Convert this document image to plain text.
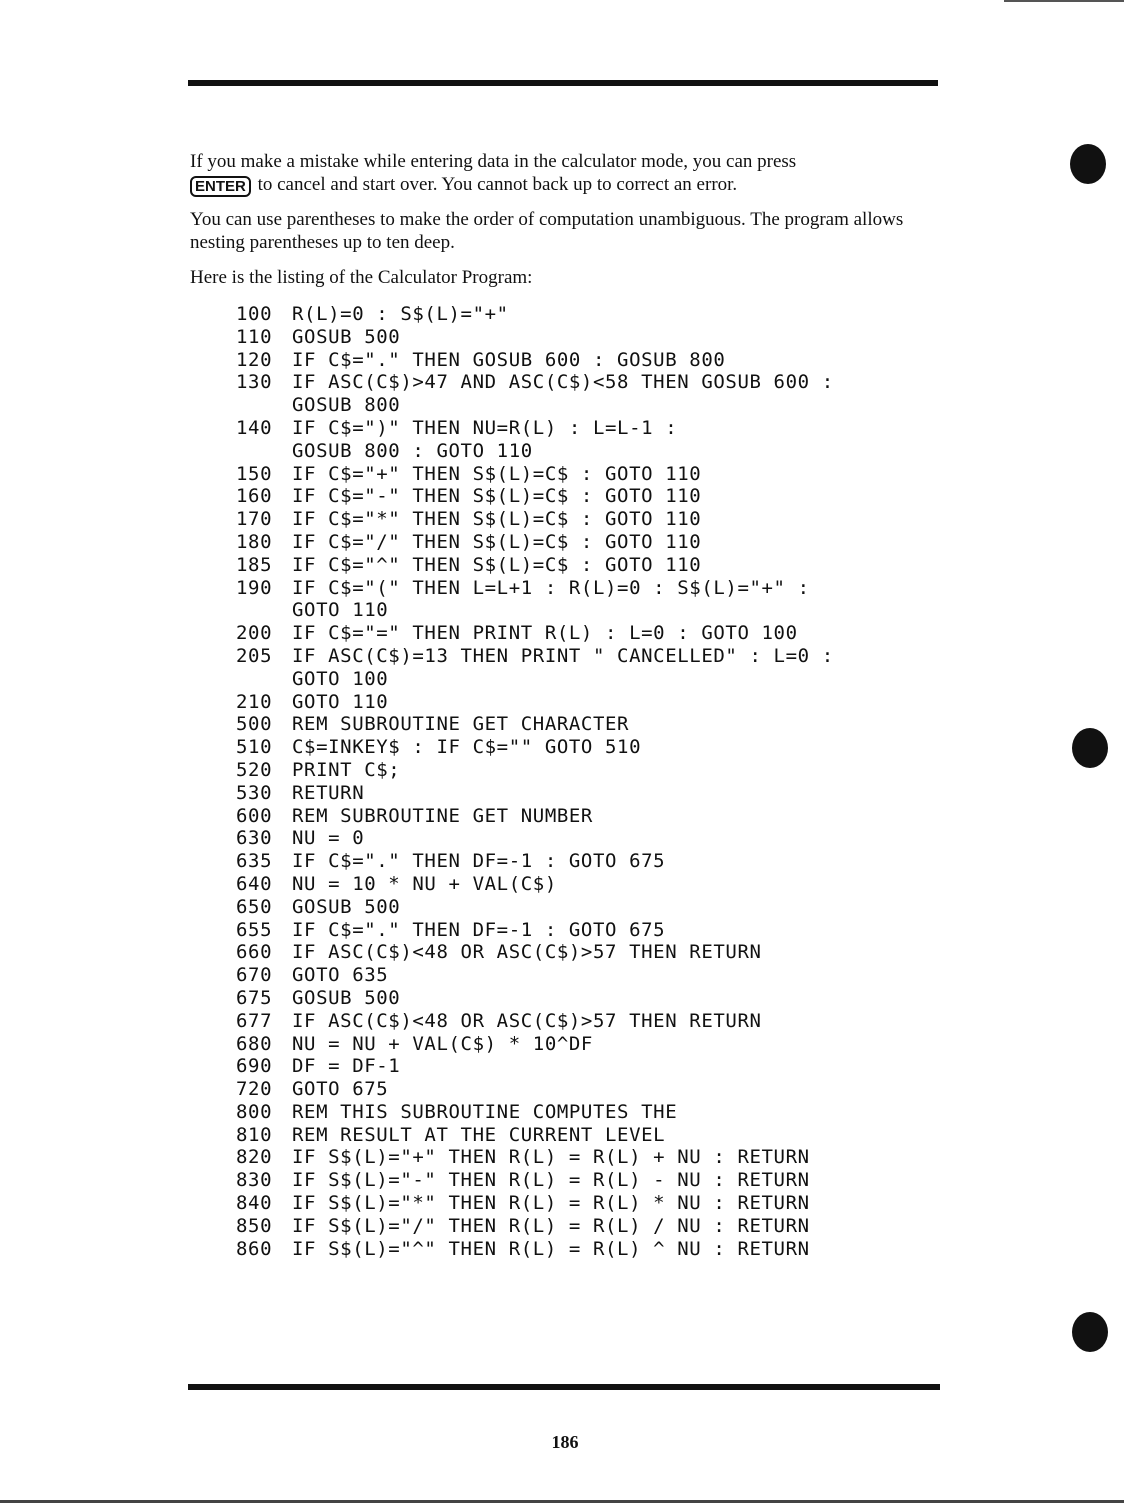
If you make a mistake while entering data in the calculator mode, you can press
ENTER to cancel and start over. You cannot back up to correct an error.

You can use parentheses to make the order of computation unambiguous. The program allows nesting parentheses up to ten deep.

Here is the listing of the Calculator Program:

100 R(L)=0 : S$(L)="+"
110 GOSUB 500
120 IF C$="." THEN GOSUB 600 : GOSUB 800
130 IF ASC(C$)>47 AND ASC(C$)<58 THEN GOSUB 600 :
GOSUB 800
140 IF C$=")" THEN NU=R(L) : L=L-1 :
GOSUB 800 : GOTO 110
150 IF C$="+" THEN S$(L)=C$ : GOTO 110
160 IF C$="-" THEN S$(L)=C$ : GOTO 110
170 IF C$="*" THEN S$(L)=C$ : GOTO 110
180 IF C$="/" THEN S$(L)=C$ : GOTO 110
185 IF C$="^" THEN S$(L)=C$ : GOTO 110
190 IF C$="(" THEN L=L+1 : R(L)=0 : S$(L)="+" :
GOTO 110
200 IF C$="=" THEN PRINT R(L) : L=0 : GOTO 100
205 IF ASC(C$)=13 THEN PRINT " CANCELLED" : L=0 :
GOTO 100
210 GOTO 110
500 REM SUBROUTINE GET CHARACTER
510 C$=INKEY$ : IF C$="" GOTO 510
520 PRINT C$;
530 RETURN
600 REM SUBROUTINE GET NUMBER
630 NU = 0
635 IF C$="." THEN DF=-1 : GOTO 675
640 NU = 10 * NU + VAL(C$)
650 GOSUB 500
655 IF C$="." THEN DF=-1 : GOTO 675
660 IF ASC(C$)<48 OR ASC(C$)>57 THEN RETURN
670 GOTO 635
675 GOSUB 500
677 IF ASC(C$)<48 OR ASC(C$)>57 THEN RETURN
680 NU = NU + VAL(C$) * 10^DF
690 DF = DF-1
720 GOTO 675
800 REM THIS SUBROUTINE COMPUTES THE
810 REM RESULT AT THE CURRENT LEVEL
820 IF S$(L)="+" THEN R(L) = R(L) + NU : RETURN
830 IF S$(L)="-" THEN R(L) = R(L) - NU : RETURN
840 IF S$(L)="*" THEN R(L) = R(L) * NU : RETURN
850 IF S$(L)="/" THEN R(L) = R(L) / NU : RETURN
860 IF S$(L)="^" THEN R(L) = R(L) ^ NU : RETURN
186
